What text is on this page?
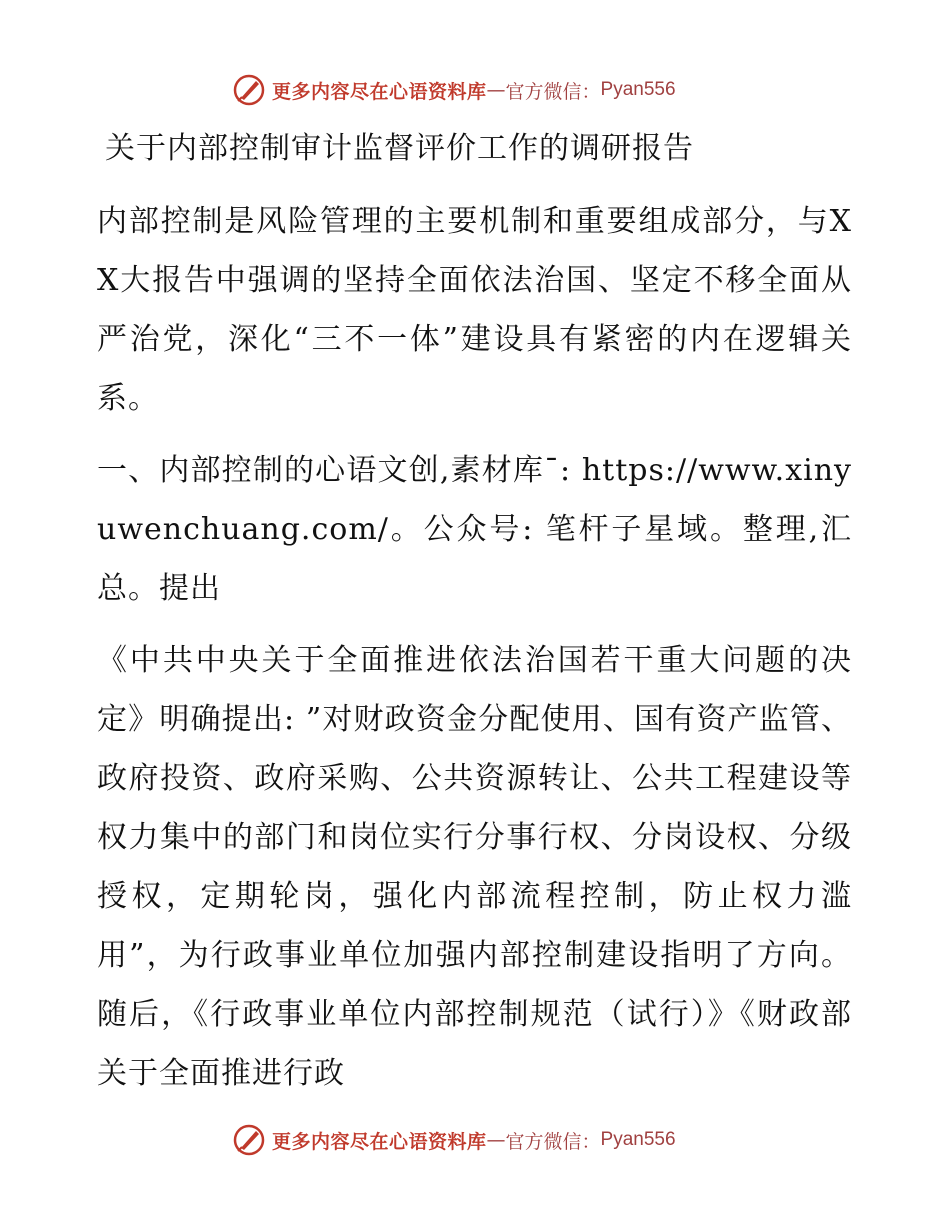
更多内容尽在心语资料库 — 官方微信： Pyan556
关于内部控制审计监督评价工作的调研报告
内部控制是风险管理的主要机制和重要组成部分，与XX大报告中强调的坚持全面依法治国、坚定不移全面从严治党，深化“三不一体”建设具有紧密的内在逻辑关系。
一、内部控制的心语文创,素材库¯: https://www.xinyuwenchuang.com/。公众号: 笔杆子星域。整理,汇总。提出
《中共中央关于全面推进依法治国若干重大问题的决定》明确提出: ”对财政资金分配使用、国有资产监管、政府投资、政府采购、公共资源转让、公共工程建设等权力集中的部门和岗位实行分事行权、分岗设权、分级授权，定期轮岗，强化内部流程控制，防止权力滥用”，为行政事业单位加强内部控制建设指明了方向。随后，《行政事业单位内部控制规范（试行）》《财政部关于全面推进行政
更多内容尽在心语资料库 — 官方微信： Pyan556
